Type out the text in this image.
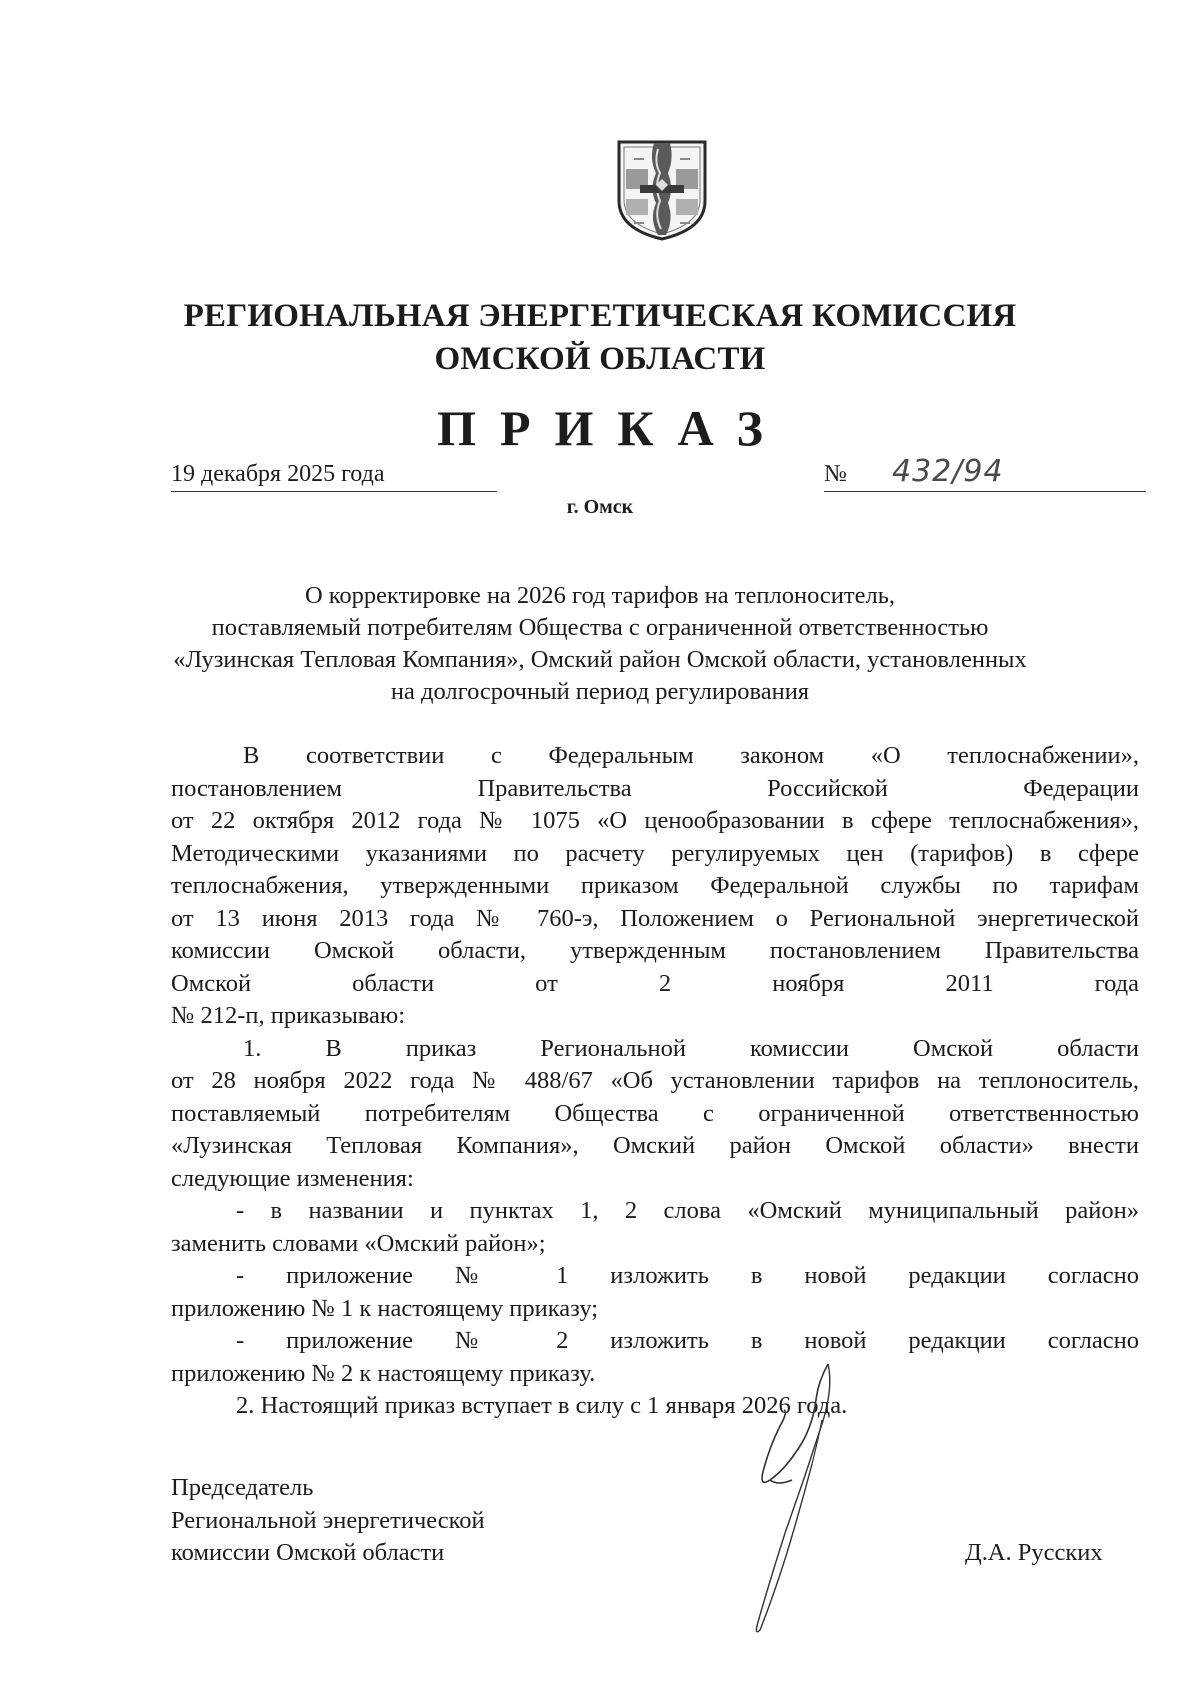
РЕГИОНАЛЬНАЯ ЭНЕРГЕТИЧЕСКАЯ КОМИССИЯ
ОМСКОЙ ОБЛАСТИ
ПРИКАЗ
19 декабря 2025 года	№ 432/94
г. Омск
О корректировке на 2026 год тарифов на теплоноситель,
поставляемый потребителям Общества с ограниченной ответственностью
«Лузинская Тепловая Компания», Омский район Омской области, установленных
на долгосрочный период регулирования
В соответствии с Федеральным законом «О теплоснабжении»,
постановлением Правительства Российской Федерации
от 22 октября 2012 года № 1075 «О ценообразовании в сфере теплоснабжения»,
Методическими указаниями по расчету регулируемых цен (тарифов) в сфере
теплоснабжения, утвержденными приказом Федеральной службы по тарифам
от 13 июня 2013 года № 760-э, Положением о Региональной энергетической
комиссии Омской области, утвержденным постановлением Правительства
Омской области от 2 ноября 2011 года
№ 212-п, приказываю:
1. В приказ Региональной комиссии Омской области
от 28 ноября 2022 года № 488/67 «Об установлении тарифов на теплоноситель,
поставляемый потребителям Общества с ограниченной ответственностью
«Лузинская Тепловая Компания», Омский район Омской области» внести
следующие изменения:
- в названии и пунктах 1, 2 слова «Омский муниципальный район»
заменить словами «Омский район»;
- приложение № 1 изложить в новой редакции согласно
приложению № 1 к настоящему приказу;
- приложение № 2 изложить в новой редакции согласно
приложению № 2 к настоящему приказу.
2. Настоящий приказ вступает в силу с 1 января 2026 года.
Председатель
Региональной энергетической
комиссии Омской области	Д.А. Русских
